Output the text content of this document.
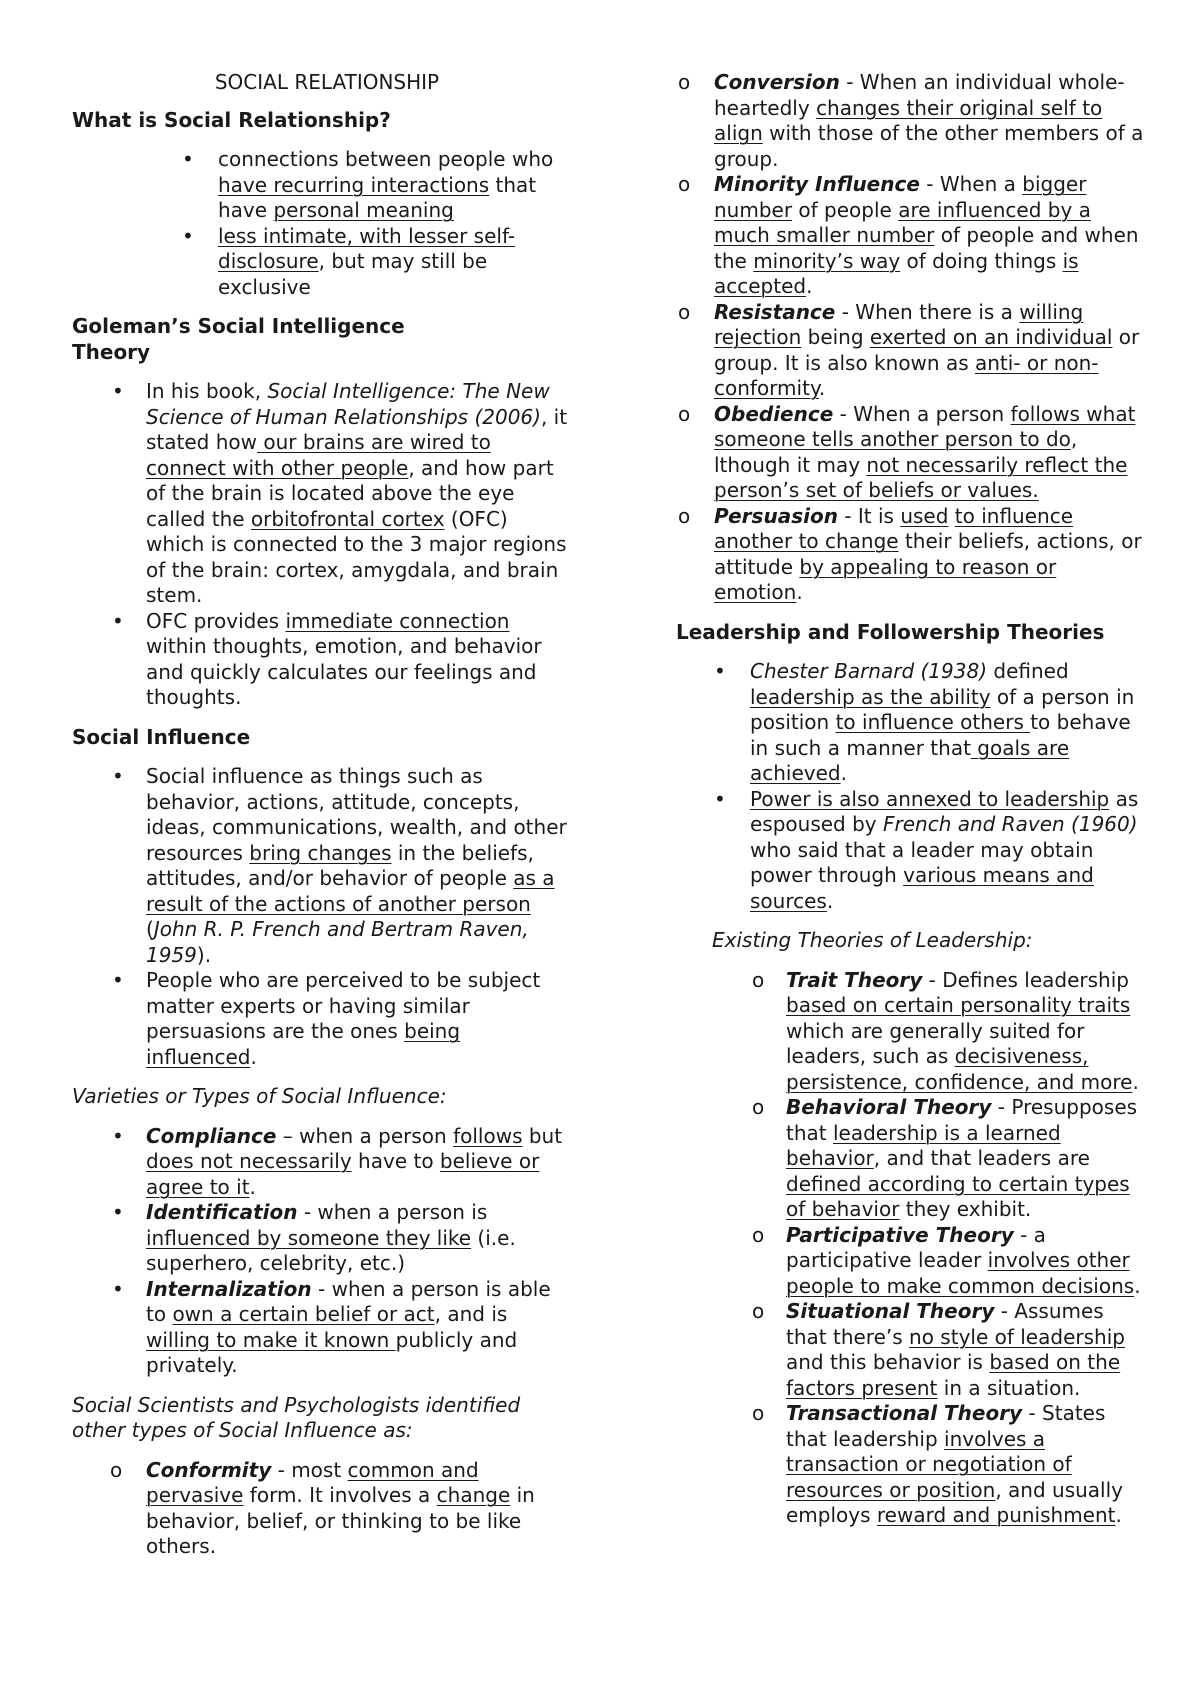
SOCIAL RELATIONSHIP
What is Social Relationship?
• connections between people who have recurring interactions that have personal meaning
• less intimate, with lesser self-disclosure, but may still be exclusive
Goleman’s Social Intelligence
Theory
• In his book, Social Intelligence: The New Science of Human Relationships (2006), it stated how our brains are wired to connect with other people, and how part of the brain is located above the eye called the orbitofrontal cortex (OFC) which is connected to the 3 major regions of the brain: cortex, amygdala, and brain stem.
• OFC provides immediate connection within thoughts, emotion, and behavior and quickly calculates our feelings and thoughts.
Social Influence
• Social influence as things such as behavior, actions, attitude, concepts, ideas, communications, wealth, and other resources bring changes in the beliefs, attitudes, and/or behavior of people as a result of the actions of another person (John R. P. French and Bertram Raven, 1959).
• People who are perceived to be subject matter experts or having similar persuasions are the ones being influenced.
Varieties or Types of Social Influence:
• Compliance – when a person follows but does not necessarily have to believe or agree to it.
• Identification - when a person is influenced by someone they like (i.e. superhero, celebrity, etc.)
• Internalization - when a person is able to own a certain belief or act, and is willing to make it known publicly and privately.
Social Scientists and Psychologists identified other types of Social Influence as:
o Conformity - most common and pervasive form. It involves a change in behavior, belief, or thinking to be like others.
o Conversion - When an individual whole-heartedly changes their original self to align with those of the other members of a group.
o Minority Influence - When a bigger number of people are influenced by a much smaller number of people and when the minority’s way of doing things is accepted.
o Resistance - When there is a willing rejection being exerted on an individual or group. It is also known as anti- or non-conformity.
o Obedience - When a person follows what someone tells another person to do, lthough it may not necessarily reflect the person’s set of beliefs or values.
o Persuasion - It is used to influence another to change their beliefs, actions, or attitude by appealing to reason or emotion.
Leadership and Followership Theories
• Chester Barnard (1938) defined leadership as the ability of a person in position to influence others to behave in such a manner that goals are achieved.
• Power is also annexed to leadership as espoused by French and Raven (1960) who said that a leader may obtain power through various means and sources.
Existing Theories of Leadership:
o Trait Theory - Defines leadership based on certain personality traits which are generally suited for leaders, such as decisiveness, persistence, confidence, and more.
o Behavioral Theory - Presupposes that leadership is a learned behavior, and that leaders are defined according to certain types of behavior they exhibit.
o Participative Theory - a participative leader involves other people to make common decisions.
o Situational Theory - Assumes that there’s no style of leadership and this behavior is based on the factors present in a situation.
o Transactional Theory - States that leadership involves a transaction or negotiation of resources or position, and usually employs reward and punishment.
